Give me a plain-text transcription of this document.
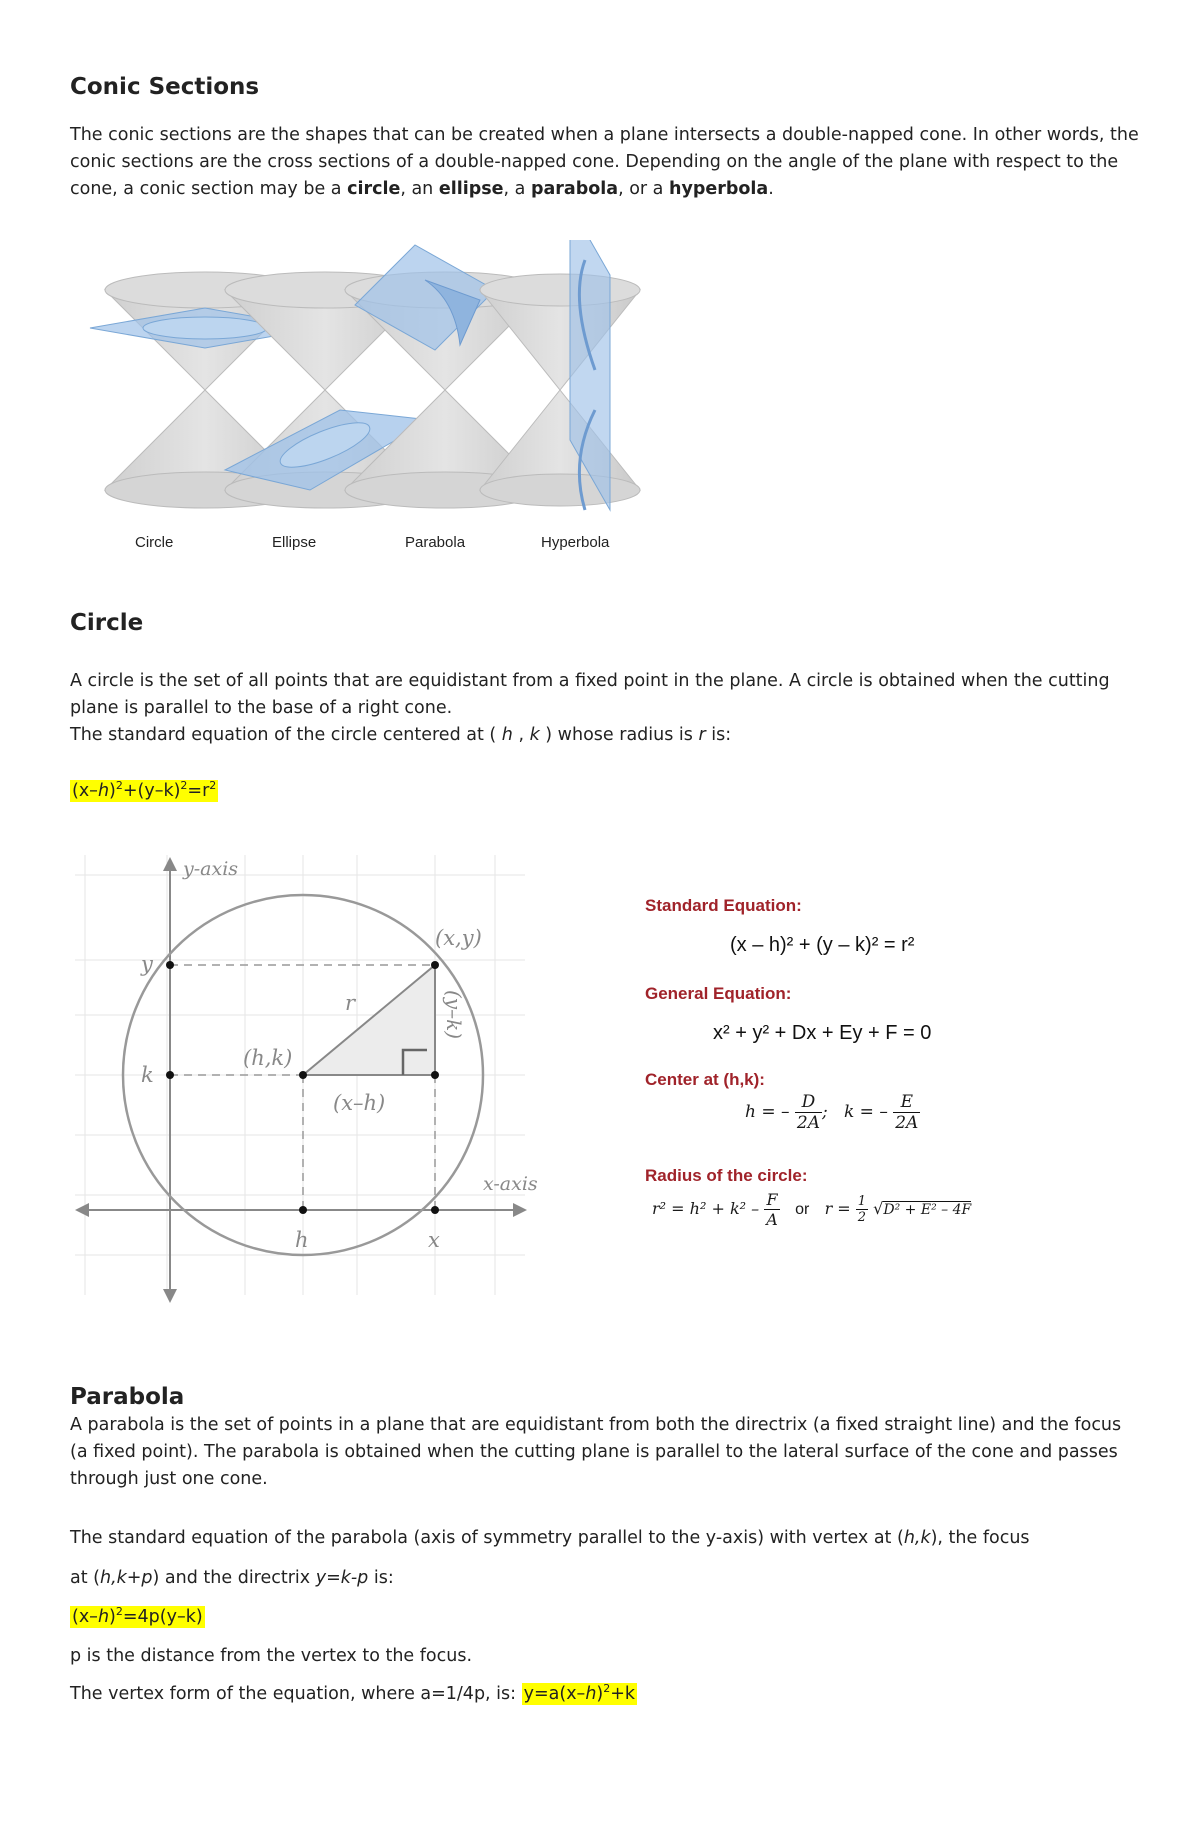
Conic Sections
The conic sections are the shapes that can be created when a plane intersects a double-napped cone. In other words, the conic sections are the cross sections of a double-napped cone. Depending on the angle of the plane with respect to the cone, a conic section may be a circle, an ellipse, a parabola, or a hyperbola.
Circle	Ellipse	Parabola	Hyperbola
Circle
A circle is the set of all points that are equidistant from a fixed point in the plane. A circle is obtained when the cutting plane is parallel to the base of a right cone.
The standard equation of the circle centered at ( h , k ) whose radius is r is:
$(x-h)^2+(y-k)^2=r^2$
y-axis
x-axis
y
k
h	x
(x,y)
(h,k)
r
(x–h)
(y–k)
Standard Equation:
(x – h)² + (y – k)² = r²
General Equation:
x² + y² + Dx + Ey + F = 0
Center at (h,k):
h = – $\frac{D}{2A}$ ; k = – $\frac{E}{2A}$
Radius of the circle:
$r^2 = h^2 + k^2 - \frac{F}{A}$ or $r = \frac{1}{2} √D^2 + E^2 - 4F$
Parabola
A parabola is the set of points in a plane that are equidistant from both the directrix (a fixed straight line) and the focus (a fixed point). The parabola is obtained when the cutting plane is parallel to the lateral surface of the cone and passes through just one cone.
The standard equation of the parabola (axis of symmetry parallel to the y-axis) with vertex at (h,k), the focus
at (h,k+p) and the directrix y=k-p is:
$(x-h)^2=4p(y-k)$
p is the distance from the vertex to the focus.
The vertex form of the equation, where a=1/4p, is: $y=a(x-h)^2+k$
